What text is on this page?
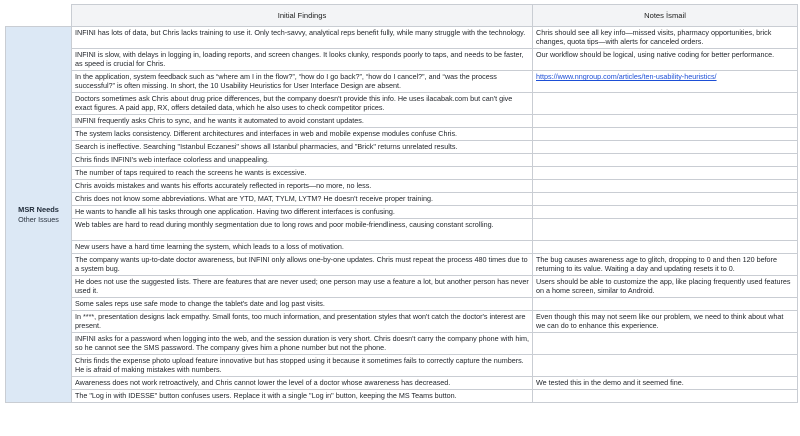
	Initial Findings	Notes İsmail

MSR Needs
Other Issues	INFINI has lots of data, but Chris lacks training to use it. Only tech-savvy, analytical reps benefit fully, while many struggle with the technology.	Chris should see all key info—missed visits, pharmacy opportunities, brick changes, quota tips—with alerts for canceled orders.
	INFINI is slow, with delays in logging in, loading reports, and screen changes. It looks clunky, responds poorly to taps, and needs to be faster, as speed is crucial for Chris.	Our workflow should be logical, using native coding for better performance.
	In the application, system feedback such as “where am I in the flow?”, “how do I go back?”, “how do I cancel?”, and “was the process successful?” is often missing. In short, the 10 Usability Heuristics for User Interface Design are absent.	https://www.nngroup.com/articles/ten-usability-heuristics/
	Doctors sometimes ask Chris about drug price differences, but the company doesn't provide this info. He uses ilacabak.com but can't give exact figures. A paid app, RX, offers detailed data, which he also uses to check competitor prices.	
	INFINI frequently asks Chris to sync, and he wants it automated to avoid constant updates.	
	The system lacks consistency. Different architectures and interfaces in web and mobile expense modules confuse Chris.	
	Search is ineffective. Searching "Istanbul Eczanesi" shows all Istanbul pharmacies, and "Brick" returns unrelated results.	
	Chris finds INFINI's web interface colorless and unappealing.	
	The number of taps required to reach the screens he wants is excessive.	
	Chris avoids mistakes and wants his efforts accurately reflected in reports—no more, no less.	
	Chris does not know some abbreviations. What are YTD, MAT, TYLM, LYTM? He doesn't receive proper training.	
	He wants to handle all his tasks through one application. Having two different interfaces is confusing.	
	Web tables are hard to read during monthly segmentation due to long rows and poor mobile-friendliness, causing constant scrolling.	
	New users have a hard time learning the system, which leads to a loss of motivation.	
	The company wants up-to-date doctor awareness, but INFINI only allows one-by-one updates. Chris must repeat the process 480 times due to a system bug.	The bug causes awareness age to glitch, dropping to 0 and then 120 before returning to its value. Waiting a day and updating resets it to 0.
	He does not use the suggested lists. There are features that are never used; one person may use a feature a lot, but another person has never used it.	Users should be able to customize the app, like placing frequently used features on a home screen, similar to Android.
	Some sales reps use safe mode to change the tablet's date and log past visits.	
	In ****, presentation designs lack empathy. Small fonts, too much information, and presentation styles that won't catch the doctor's interest are present.	Even though this may not seem like our problem, we need to think about what we can do to enhance this experience.
	INFINI asks for a password when logging into the web, and the session duration is very short. Chris doesn't carry the company phone with him, so he cannot see the SMS password. The company gives him a phone number but not the phone.	
	Chris finds the expense photo upload feature innovative but has stopped using it because it sometimes fails to correctly capture the numbers. He is afraid of making mistakes with numbers.	
	Awareness does not work retroactively, and Chris cannot lower the level of a doctor whose awareness has decreased.	We tested this in the demo and it seemed fine.
	The "Log in with IDESSE" button confuses users. Replace it with a single "Log in" button, keeping the MS Teams button.	
